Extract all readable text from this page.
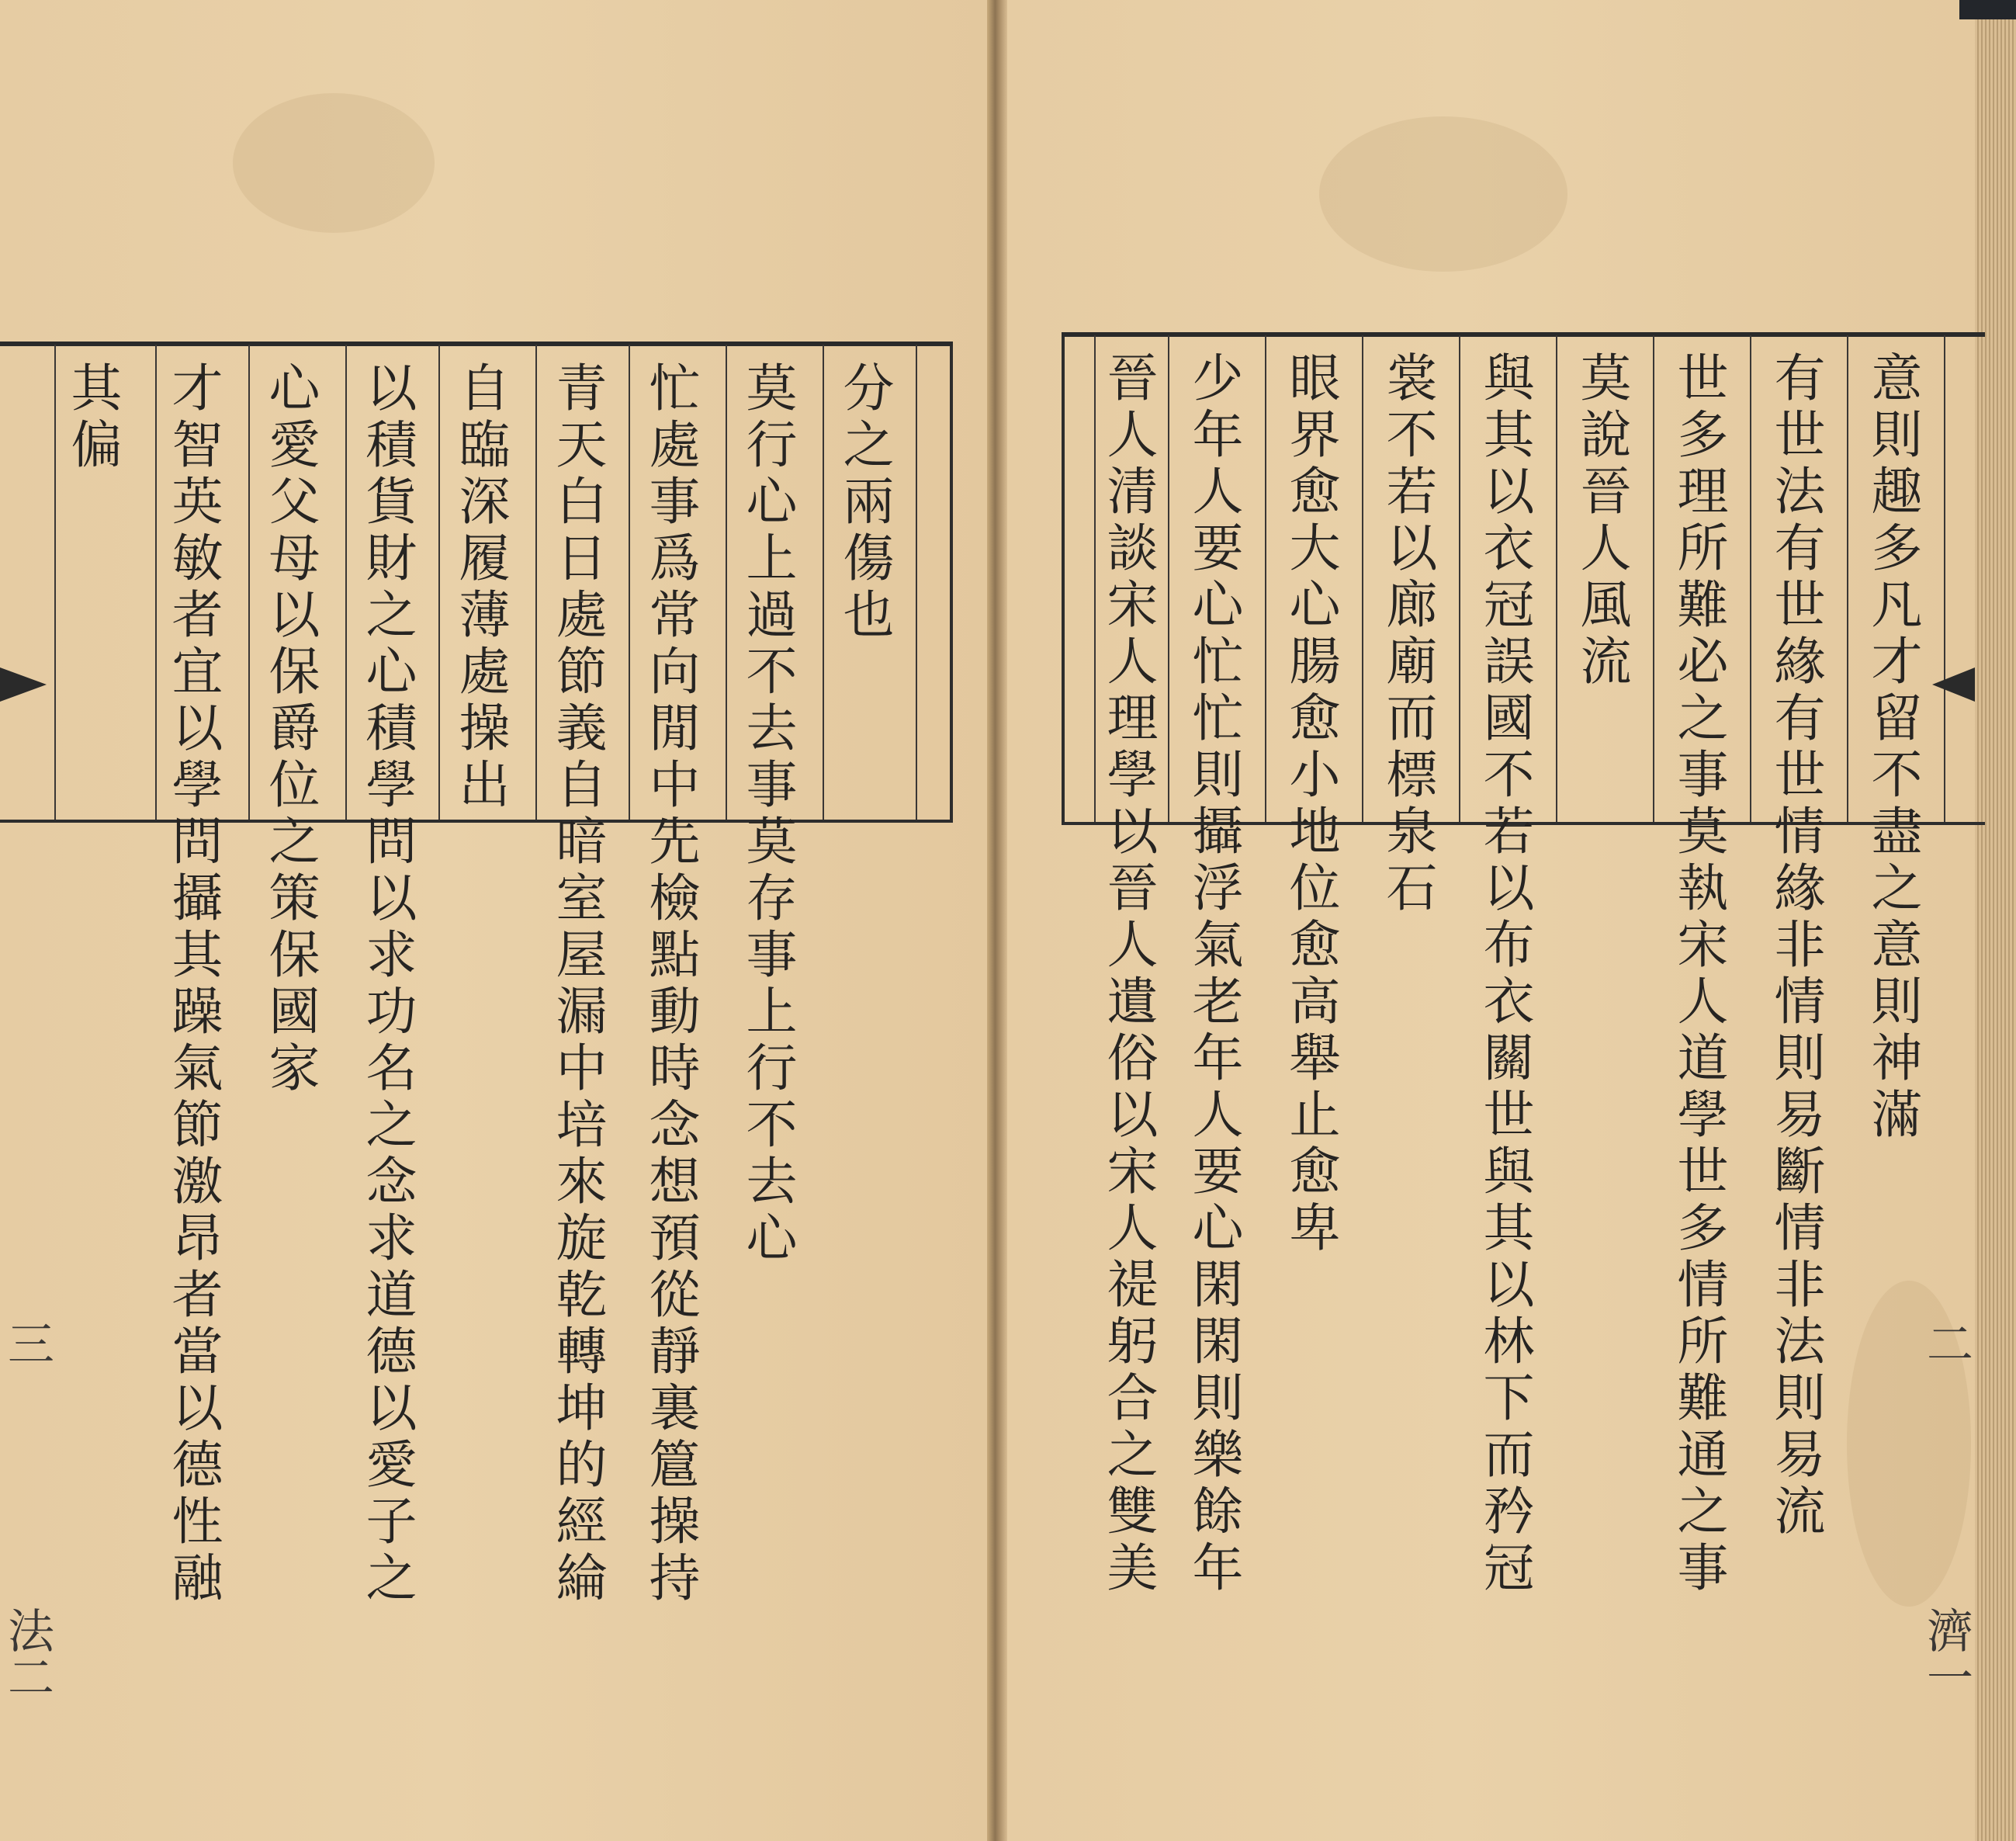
分之兩傷也
莫行心上過不去事莫存事上行不去心
忙處事爲常向閒中先檢點動時念想預從靜裏󠄀簄操持
青天白日處節義自暗室屋漏中培來旋乾轉坤的經綸
自臨深履薄處操出
以積貨財之心積學問以求功名之念求道德以愛子之
心愛父母以保爵位之策保國家
才智英敏者宜以學問攝其躁氣節激昂者當以德性融
其偏
三
法二
意則趣多凡才留不盡之意則神滿
有世法有世緣有世情緣非情則易斷情非法則易流
世多理所難必之事莫執宋人道學世多情所難通之事
莫說晉人風流
與其以衣冠誤國不若以布衣關世與其以林下而矜冠
裳不若以廊廟而標泉石
眼界愈大心腸愈小地位愈高舉止愈卑
少年人要心忙忙則攝浮氣老年人要心閑閑則樂餘年
晉人清談宋人理學以晉人遺俗以宋人禔躬合之雙美	二
濟一
